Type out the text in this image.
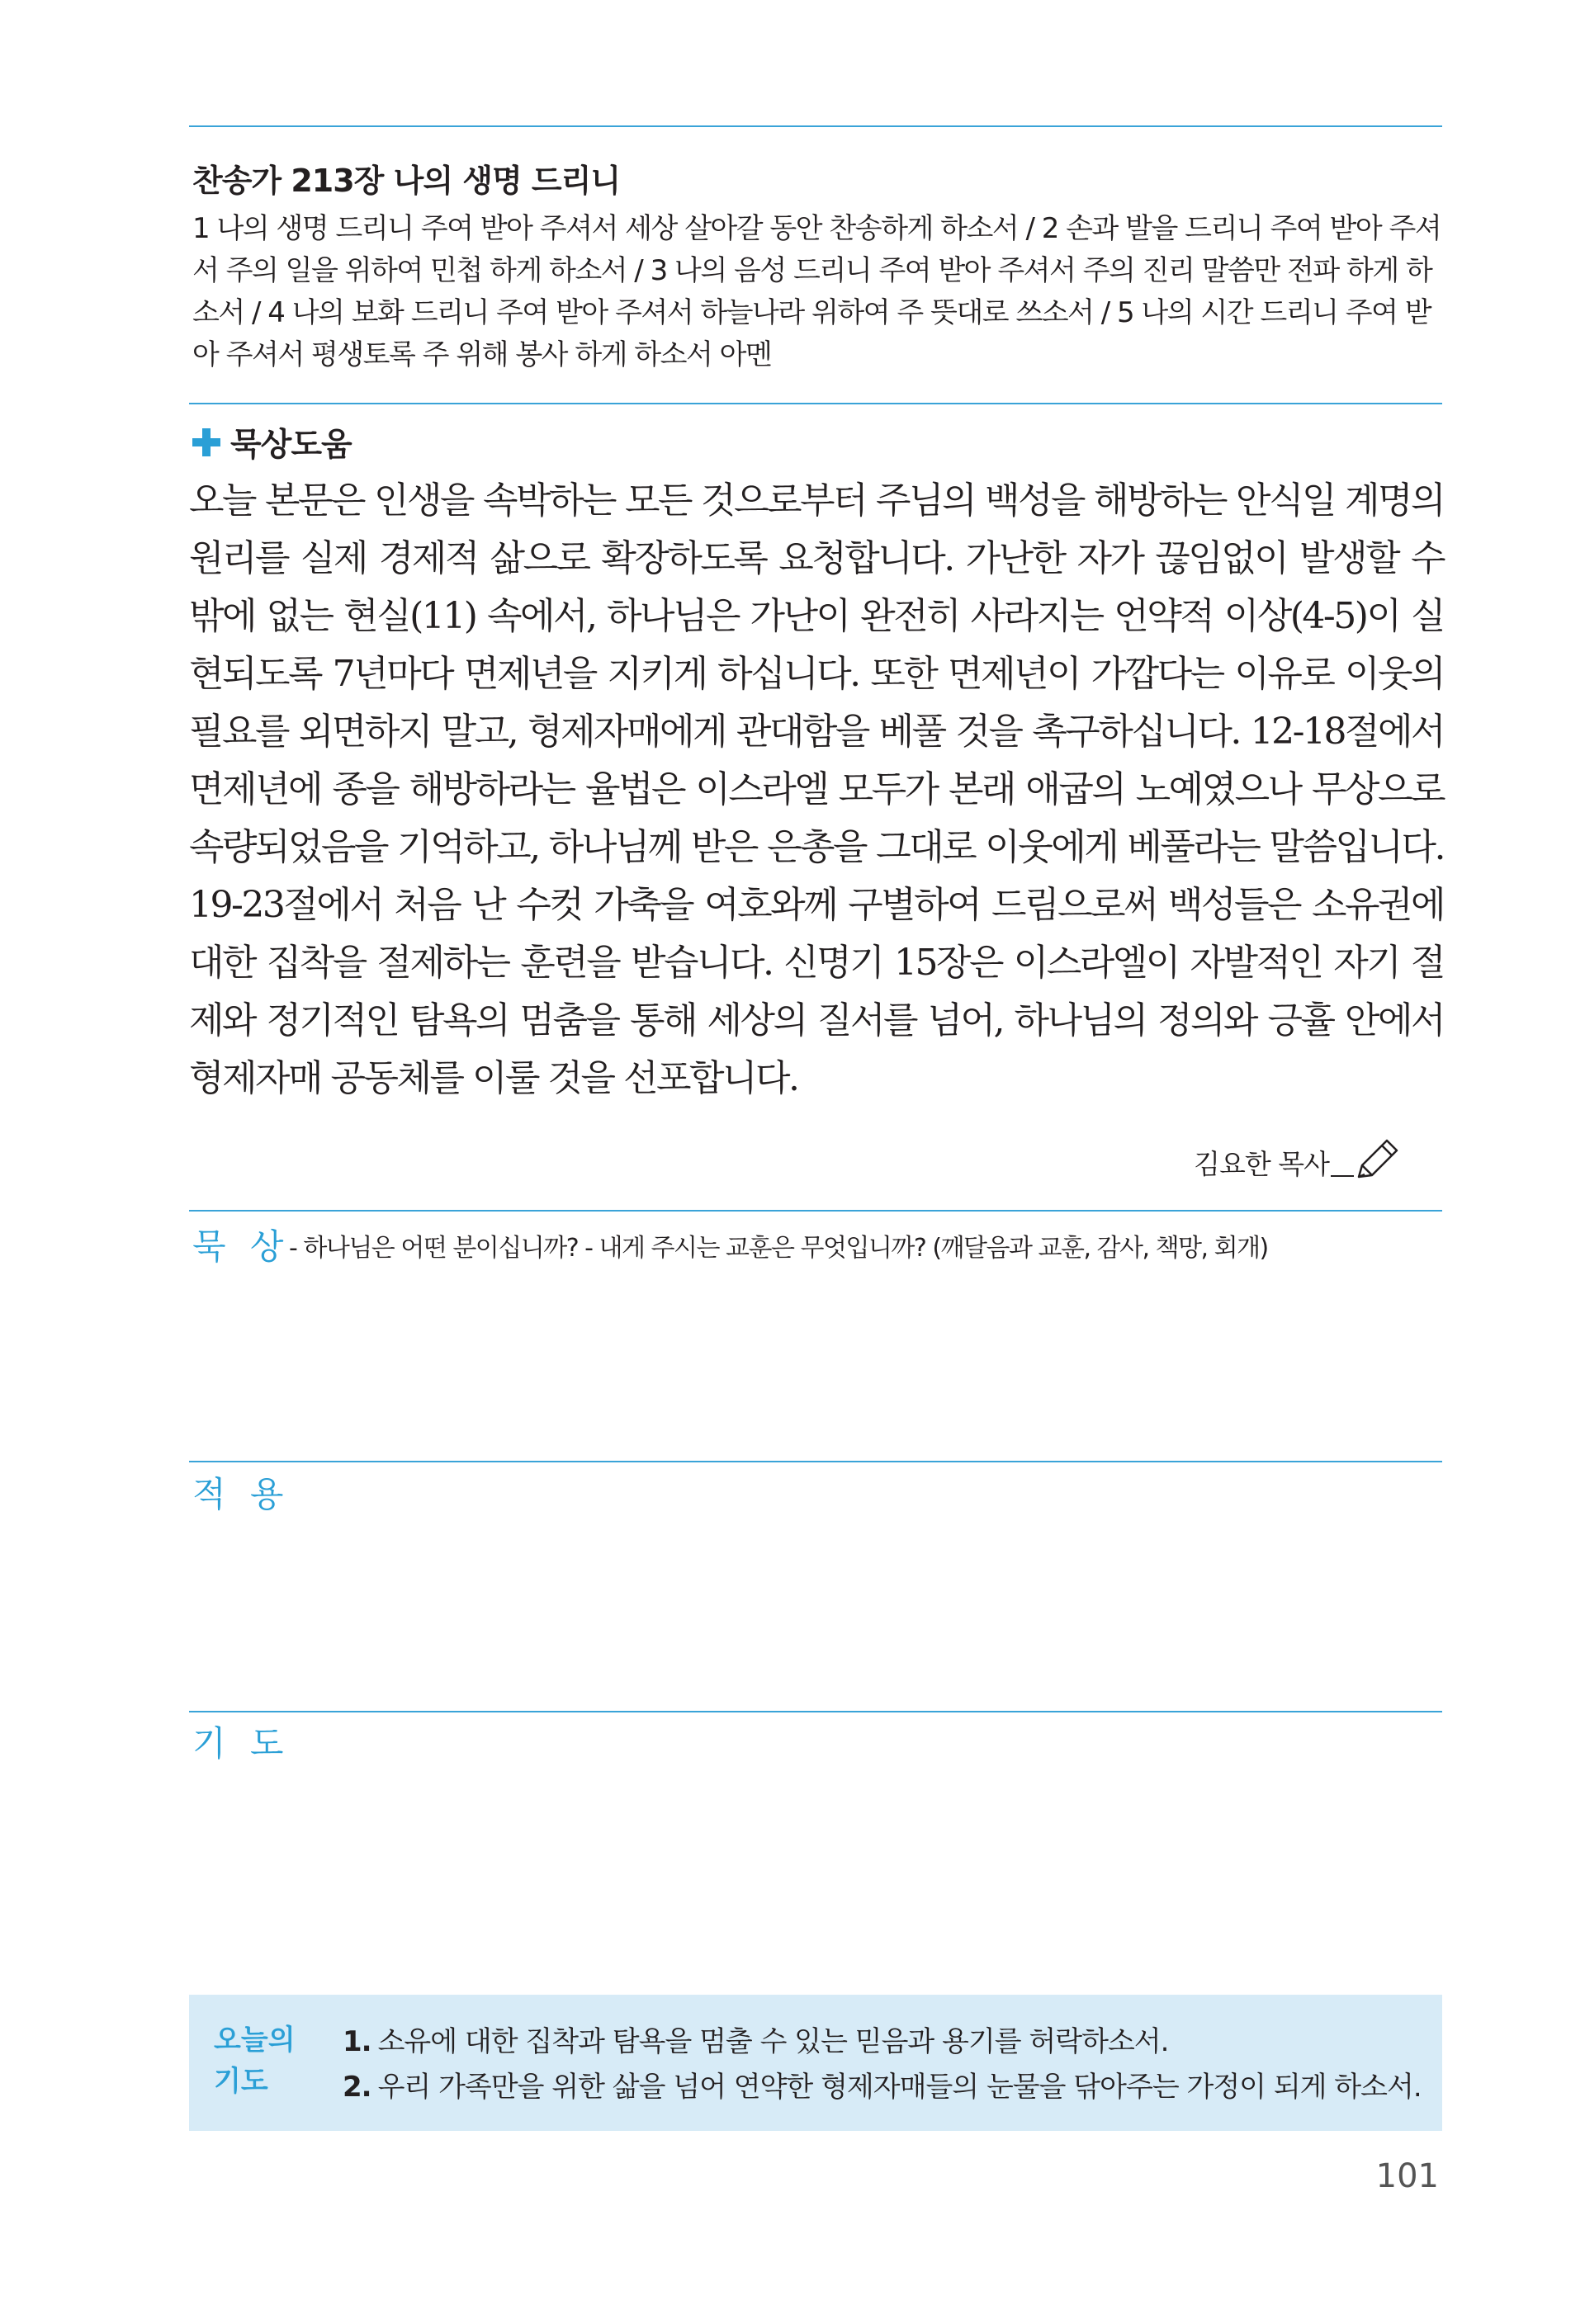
찬송가 213장 나의 생명 드리니
1 나의 생명 드리니 주여 받아 주셔서 세상 살아갈 동안 찬송하게 하소서 / 2 손과 발을 드리니 주여 받아 주셔서 주의 일을 위하여 민첩 하게 하소서 / 3 나의 음성 드리니 주여 받아 주셔서 주의 진리 말씀만 전파 하게 하소서 / 4 나의 보화 드리니 주여 받아 주셔서 하늘나라 위하여 주 뜻대로 쓰소서 / 5 나의 시간 드리니 주여 받아 주셔서 평생토록 주 위해 봉사 하게 하소서 아멘
묵상도움
오늘 본문은 인생을 속박하는 모든 것으로부터 주님의 백성을 해방하는 안식일 계명의 원리를 실제 경제적 삶으로 확장하도록 요청합니다. 가난한 자가 끊임없이 발생할 수밖에 없는 현실(11) 속에서, 하나님은 가난이 완전히 사라지는 언약적 이상(4-5)이 실현되도록 7년마다 면제년을 지키게 하십니다. 또한 면제년이 가깝다는 이유로 이웃의 필요를 외면하지 말고, 형제자매에게 관대함을 베풀 것을 촉구하십니다. 12-18절에서 면제년에 종을 해방하라는 율법은 이스라엘 모두가 본래 애굽의 노예였으나 무상으로 속량되었음을 기억하고, 하나님께 받은 은총을 그대로 이웃에게 베풀라는 말씀입니다. 19-23절에서 처음 난 수컷 가축을 여호와께 구별하여 드림으로써 백성들은 소유권에 대한 집착을 절제하는 훈련을 받습니다. 신명기 15장은 이스라엘이 자발적인 자기 절제와 정기적인 탐욕의 멈춤을 통해 세상의 질서를 넘어, 하나님의 정의와 긍휼 안에서 형제자매 공동체를 이룰 것을 선포합니다.
김요한 목사
묵 상
- 하나님은 어떤 분이십니까? - 내게 주시는 교훈은 무엇입니까? (깨달음과 교훈, 감사, 책망, 회개)
적 용
기 도
오늘의
기도
1. 소유에 대한 집착과 탐욕을 멈출 수 있는 믿음과 용기를 허락하소서.
2. 우리 가족만을 위한 삶을 넘어 연약한 형제자매들의 눈물을 닦아주는 가정이 되게 하소서.
101
